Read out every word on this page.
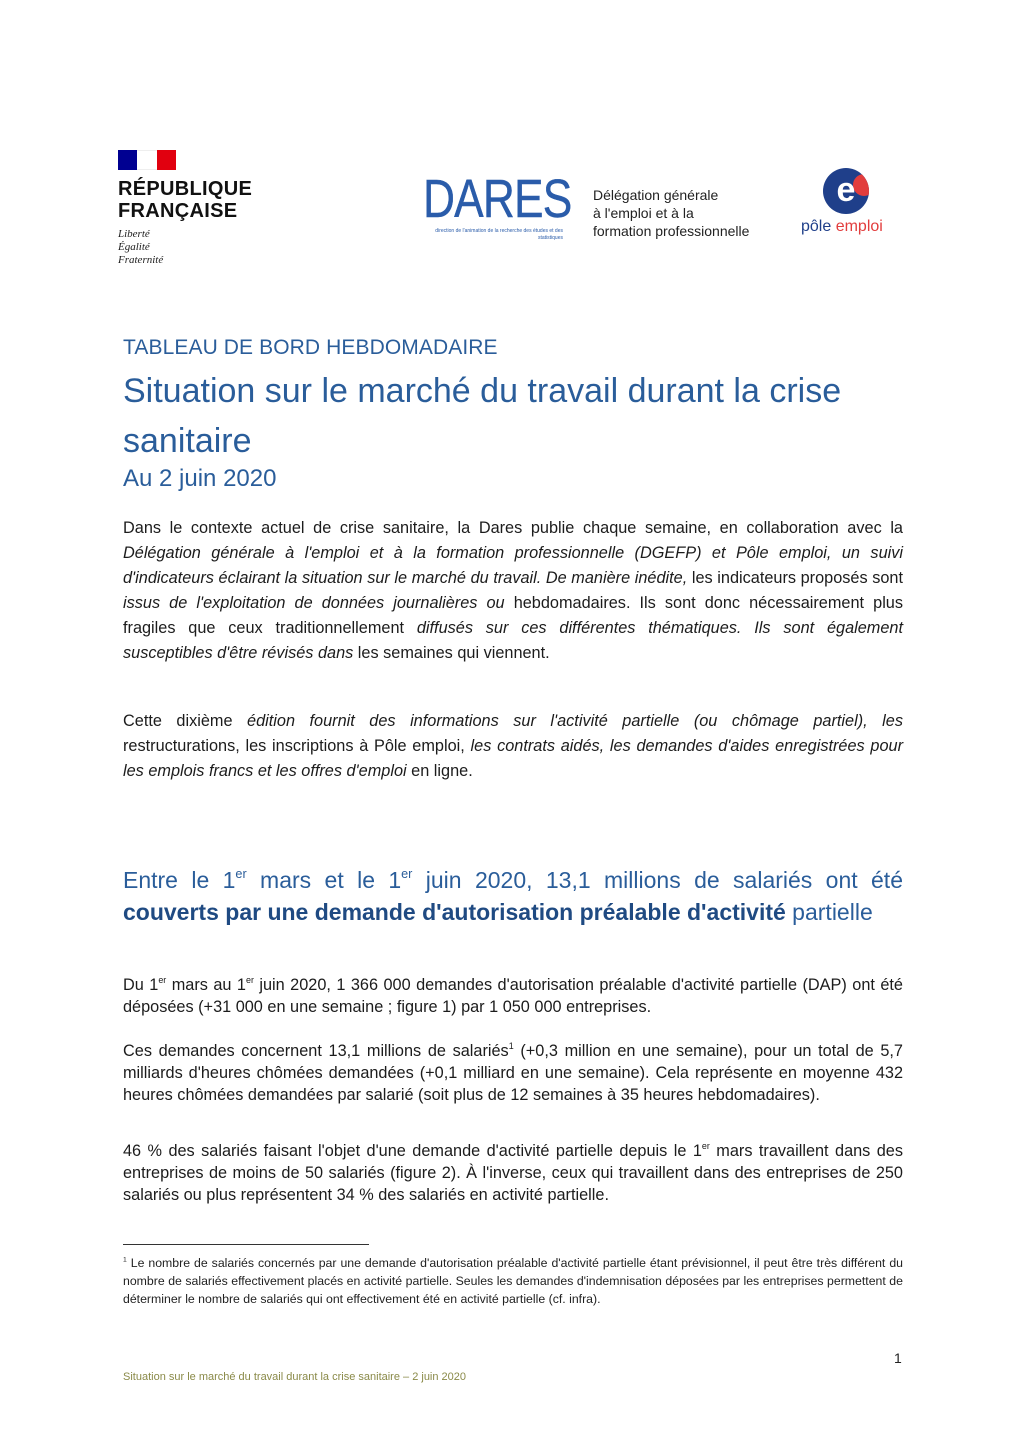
RÉPUBLIQUE
FRANÇAISE
Liberté
Égalité
Fraternité
DARES
direction de l'animation de la recherche des études et des statistiques
Délégation générale
à l'emploi et à la
formation professionnelle
e
pôle emploi
TABLEAU DE BORD HEBDOMADAIRE
Situation sur le marché du travail durant la crise sanitaire
Au 2 juin 2020
Dans le contexte actuel de crise sanitaire, la Dares publie chaque semaine, en collaboration avec la Délégation générale à l'emploi et à la formation professionnelle (DGEFP) et Pôle emploi, un suivi d'indicateurs éclairant la situation sur le marché du travail. De manière inédite, les indicateurs proposés sont issus de l'exploitation de données journalières ou hebdomadaires. Ils sont donc nécessairement plus fragiles que ceux traditionnellement diffusés sur ces différentes thématiques. Ils sont également susceptibles d'être révisés dans les semaines qui viennent.
Cette dixième édition fournit des informations sur l'activité partielle (ou chômage partiel), les restructurations, les inscriptions à Pôle emploi, les contrats aidés, les demandes d'aides enregistrées pour les emplois francs et les offres d'emploi en ligne.
Entre le 1er mars et le 1er juin 2020, 13,1 millions de salariés ont été couverts par une demande d'autorisation préalable d'activité partielle
Du 1er mars au 1er juin 2020, 1 366 000 demandes d'autorisation préalable d'activité partielle (DAP) ont été déposées (+31 000 en une semaine ; figure 1) par 1 050 000 entreprises.
Ces demandes concernent 13,1 millions de salariés$^1$ (+0,3 million en une semaine), pour un total de 5,7 milliards d'heures chômées demandées (+0,1 milliard en une semaine). Cela représente en moyenne 432 heures chômées demandées par salarié (soit plus de 12 semaines à 35 heures hebdomadaires).
46 % des salariés faisant l'objet d'une demande d'activité partielle depuis le 1er mars travaillent dans des entreprises de moins de 50 salariés (figure 2). À l'inverse, ceux qui travaillent dans des entreprises de 250 salariés ou plus représentent 34 % des salariés en activité partielle.
$^1$ Le nombre de salariés concernés par une demande d'autorisation préalable d'activité partielle étant prévisionnel, il peut être très différent du nombre de salariés effectivement placés en activité partielle. Seules les demandes d'indemnisation déposées par les entreprises permettent de déterminer le nombre de salariés qui ont effectivement été en activité partielle (cf. infra).
1
Situation sur le marché du travail durant la crise sanitaire – 2 juin 2020
